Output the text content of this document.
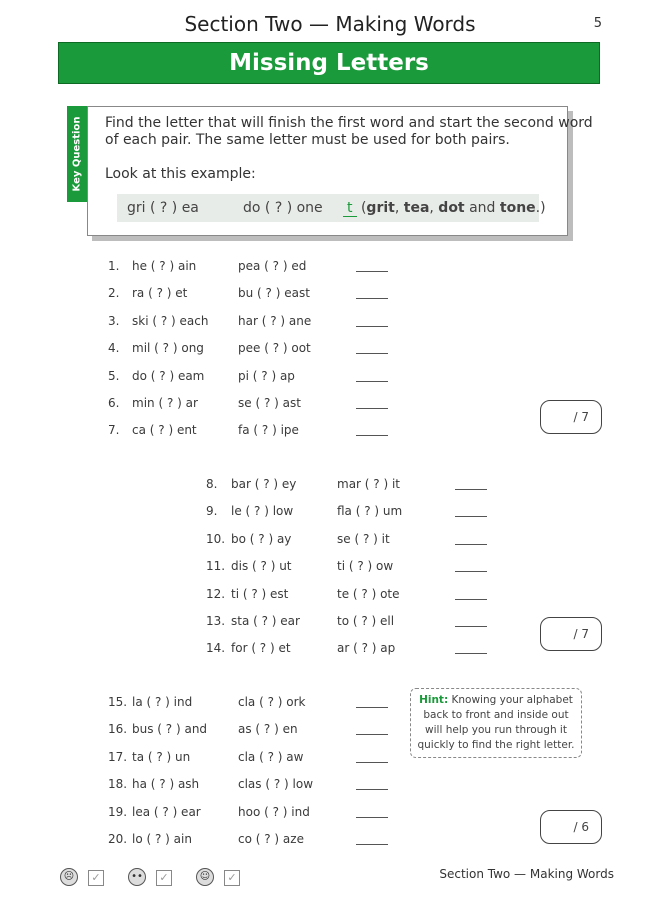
Section Two — Making Words	5
Missing Letters
Key Question Find the letter that will finish the first word and start the second word
of each pair. The same letter must be used for both pairs.
Look at this example:
gri ( ? ) ea	do ( ? ) one t (grit, tea, dot and tone.)
1. he ( ? ) ain	pea ( ? ) ed
2. ra ( ? ) et	bu ( ? ) east
3. ski ( ? ) each har ( ? ) ane
4. mil ( ? ) ong	pee ( ? ) oot
5. do ( ? ) eam	pi ( ? ) ap
6. min ( ? ) ar	se ( ? ) ast
7. ca ( ? ) ent	fa ( ? ) ipe
8. bar ( ? ) ey	mar ( ? ) it
9. le ( ? ) low	fla ( ? ) um
10. bo ( ? ) ay	se ( ? ) it
11. dis ( ? ) ut	ti ( ? ) ow
12. ti ( ? ) est	te ( ? ) ote
13. sta ( ? ) ear	to ( ? ) ell
14. for ( ? ) et	ar ( ? ) ap
15. la ( ? ) ind	cla ( ? ) ork
16. bus ( ? ) and	as ( ? ) en
17. ta ( ? ) un	cla ( ? ) aw
18. ha ( ? ) ash	clas ( ? ) low
19. lea ( ? ) ear	hoo ( ? ) ind
20. lo ( ? ) ain	co ( ? ) aze
/ 7
/ 7
/ 6
Hint: Knowing your alphabet
back to front and inside out
will help you run through it
quickly to find the right letter.
☹	✓	••	✓	☺	✓	Section Two — Making Words
